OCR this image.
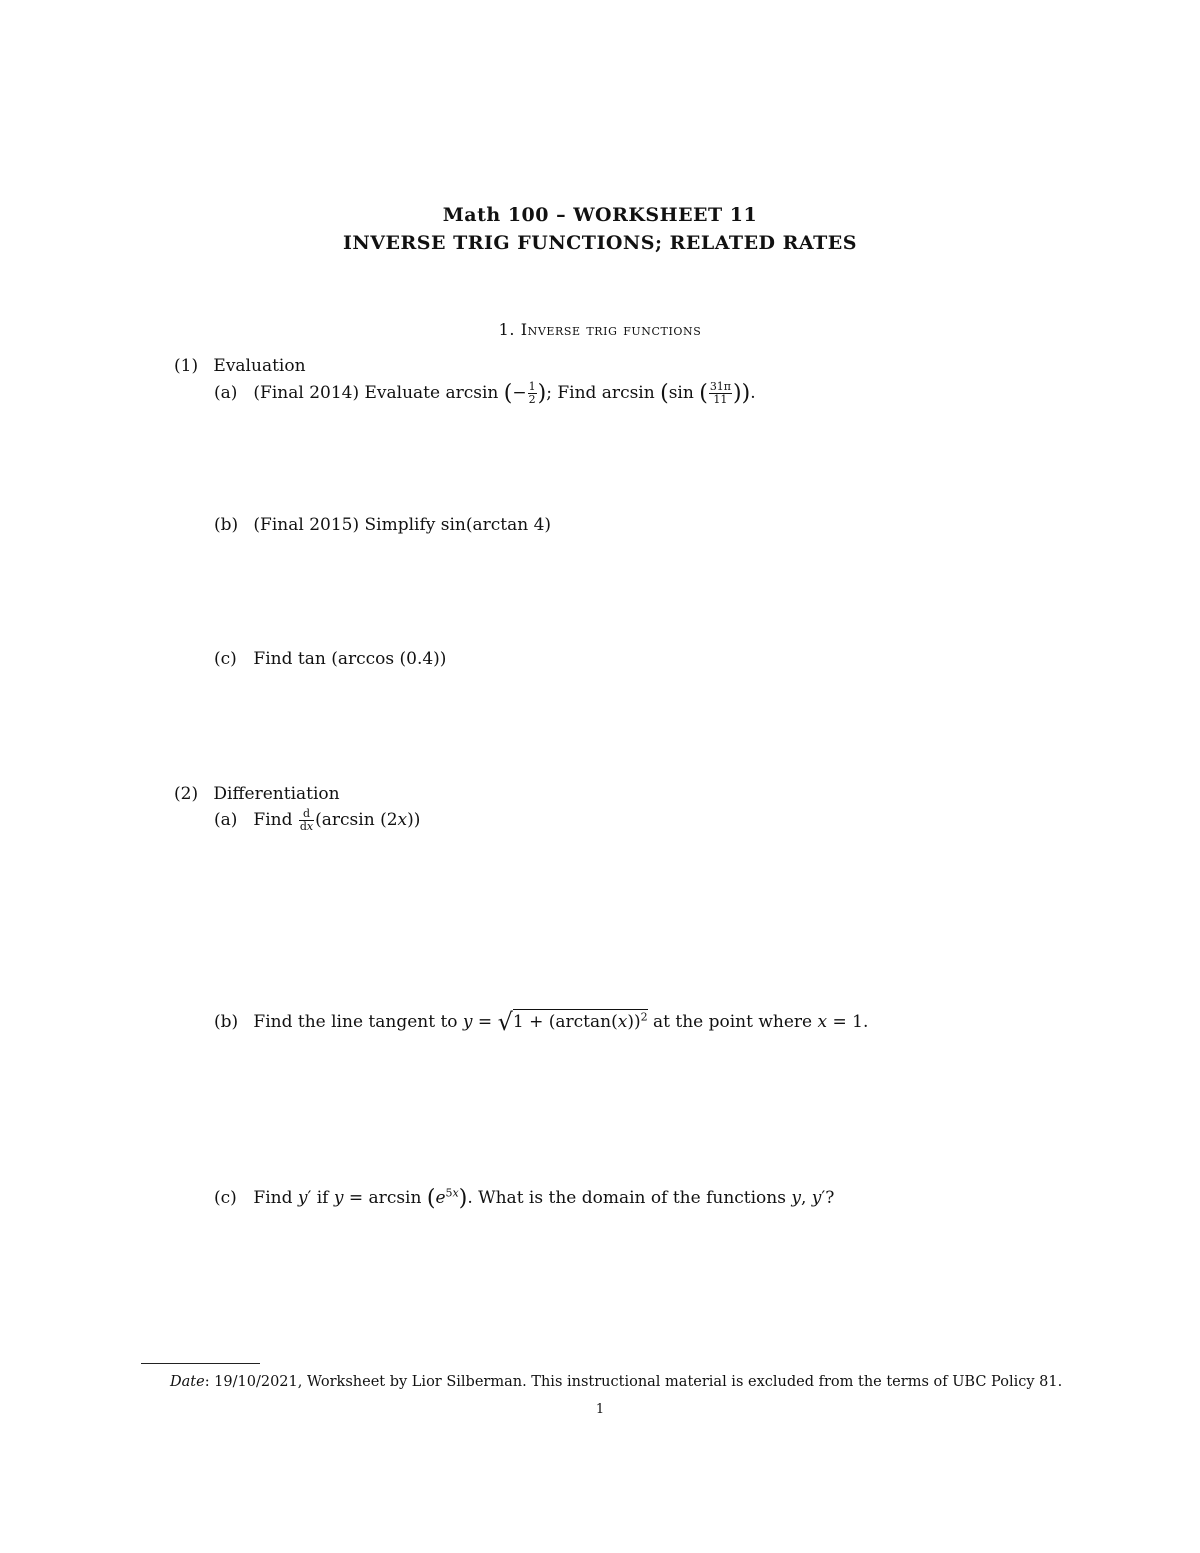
Math 100 – WORKSHEET 11
INVERSE TRIG FUNCTIONS; RELATED RATES
1. Inverse trig functions
(1) Evaluation
(a) (Final 2014) Evaluate arcsin (− $\frac{1}{2}$ ); Find arcsin (sin ( $\frac{31\pi}{11}$ )).
(b) (Final 2015) Simplify sin(arctan 4)
(c) Find tan (arccos (0.4))
(2) Differentiation
(a) Find $\frac{d}{dx} (\arcsin$ (2x))
(b) Find the line tangent to $y = √1 + (\arctan(x))^2$ at the point where x = 1.
(c) Find y′ if $y = \arcsin (e^{5x})$. What is the domain of the functions y, y′?
Date: 19/10/2021, Worksheet by Lior Silberman. This instructional material is excluded from the terms of UBC Policy 81.
1
